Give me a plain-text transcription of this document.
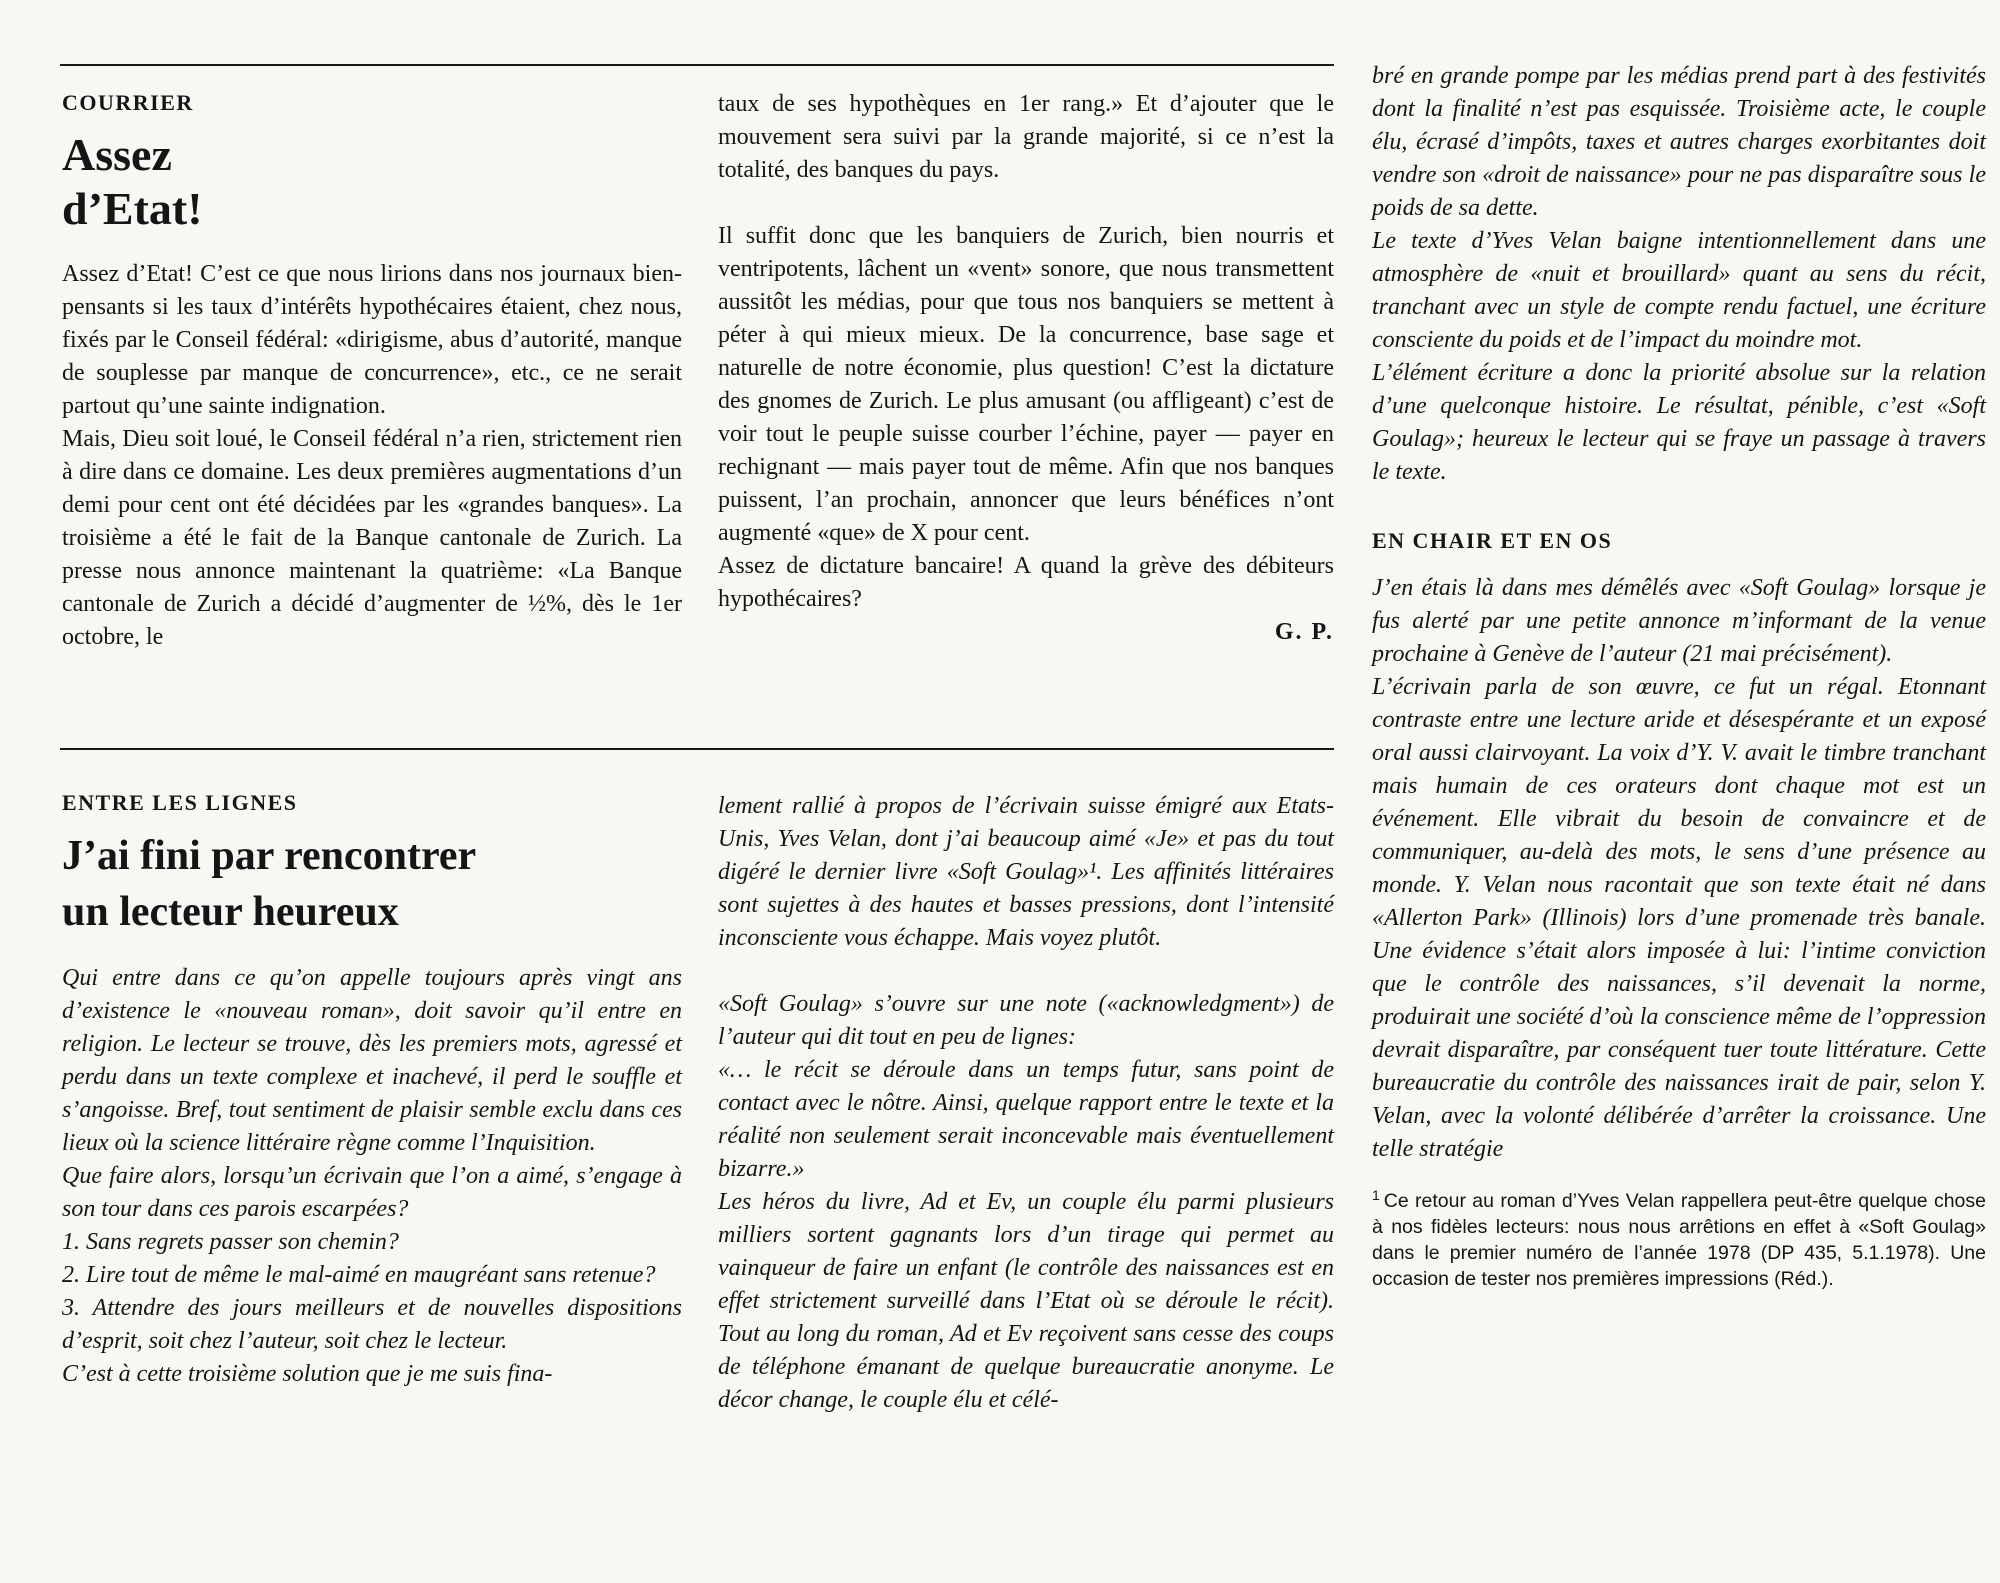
COURRIER
Assez
d’Etat!

Assez d’Etat! C’est ce que nous lirions dans nos journaux bien-pensants si les taux d’intérêts hypothécaires étaient, chez nous, fixés par le Conseil fédéral: «dirigisme, abus d’autorité, manque de souplesse par manque de concurrence», etc., ce ne serait partout qu’une sainte indignation.

Mais, Dieu soit loué, le Conseil fédéral n’a rien, strictement rien à dire dans ce domaine. Les deux premières augmentations d’un demi pour cent ont été décidées par les «grandes banques». La troisième a été le fait de la Banque cantonale de Zurich. La presse nous annonce maintenant la quatrième: «La Banque cantonale de Zurich a décidé d’augmenter de ½%, dès le 1er octobre, le

taux de ses hypothèques en 1er rang.» Et d’ajouter que le mouvement sera suivi par la grande majorité, si ce n’est la totalité, des banques du pays.

Il suffit donc que les banquiers de Zurich, bien nourris et ventripotents, lâchent un «vent» sonore, que nous transmettent aussitôt les médias, pour que tous nos banquiers se mettent à péter à qui mieux mieux. De la concurrence, base sage et naturelle de notre économie, plus question! C’est la dictature des gnomes de Zurich. Le plus amusant (ou affligeant) c’est de voir tout le peuple suisse courber l’échine, payer — payer en rechignant — mais payer tout de même. Afin que nos banques puissent, l’an prochain, annoncer que leurs bénéfices n’ont augmenté «que» de X pour cent.

Assez de dictature bancaire! A quand la grève des débiteurs hypothécaires?

G. P.
ENTRE LES LIGNES
J’ai fini par rencontrer
un lecteur heureux

Qui entre dans ce qu’on appelle toujours après vingt ans d’existence le «nouveau roman», doit savoir qu’il entre en religion. Le lecteur se trouve, dès les premiers mots, agressé et perdu dans un texte complexe et inachevé, il perd le souffle et s’angoisse. Bref, tout sentiment de plaisir semble exclu dans ces lieux où la science littéraire règne comme l’Inquisition.

Que faire alors, lorsqu’un écrivain que l’on a aimé, s’engage à son tour dans ces parois escarpées?

1. Sans regrets passer son chemin?

2. Lire tout de même le mal-aimé en maugréant sans retenue?

3. Attendre des jours meilleurs et de nouvelles dispositions d’esprit, soit chez l’auteur, soit chez le lecteur.

C’est à cette troisième solution que je me suis fina-

lement rallié à propos de l’écrivain suisse émigré aux Etats-Unis, Yves Velan, dont j’ai beaucoup aimé «Je» et pas du tout digéré le dernier livre «Soft Goulag»¹. Les affinités littéraires sont sujettes à des hautes et basses pressions, dont l’intensité inconsciente vous échappe. Mais voyez plutôt.

«Soft Goulag» s’ouvre sur une note («acknowledgment») de l’auteur qui dit tout en peu de lignes:

«… le récit se déroule dans un temps futur, sans point de contact avec le nôtre. Ainsi, quelque rapport entre le texte et la réalité non seulement serait inconcevable mais éventuellement bizarre.»

Les héros du livre, Ad et Ev, un couple élu parmi plusieurs milliers sortent gagnants lors d’un tirage qui permet au vainqueur de faire un enfant (le contrôle des naissances est en effet strictement surveillé dans l’Etat où se déroule le récit). Tout au long du roman, Ad et Ev reçoivent sans cesse des coups de téléphone émanant de quelque bureaucratie anonyme. Le décor change, le couple élu et célé-

bré en grande pompe par les médias prend part à des festivités dont la finalité n’est pas esquissée. Troisième acte, le couple élu, écrasé d’impôts, taxes et autres charges exorbitantes doit vendre son «droit de naissance» pour ne pas disparaître sous le poids de sa dette.

Le texte d’Yves Velan baigne intentionnellement dans une atmosphère de «nuit et brouillard» quant au sens du récit, tranchant avec un style de compte rendu factuel, une écriture consciente du poids et de l’impact du moindre mot.

L’élément écriture a donc la priorité absolue sur la relation d’une quelconque histoire. Le résultat, pénible, c’est «Soft Goulag»; heureux le lecteur qui se fraye un passage à travers le texte.

EN CHAIR ET EN OS

J’en étais là dans mes démêlés avec «Soft Goulag» lorsque je fus alerté par une petite annonce m’informant de la venue prochaine à Genève de l’auteur (21 mai précisément).

L’écrivain parla de son œuvre, ce fut un régal. Etonnant contraste entre une lecture aride et désespérante et un exposé oral aussi clairvoyant. La voix d’Y. V. avait le timbre tranchant mais humain de ces orateurs dont chaque mot est un événement. Elle vibrait du besoin de convaincre et de communiquer, au-delà des mots, le sens d’une présence au monde. Y. Velan nous racontait que son texte était né dans «Allerton Park» (Illinois) lors d’une promenade très banale. Une évidence s’était alors imposée à lui: l’intime conviction que le contrôle des naissances, s’il devenait la norme, produirait une société d’où la conscience même de l’oppression devrait disparaître, par conséquent tuer toute littérature. Cette bureaucratie du contrôle des naissances irait de pair, selon Y. Velan, avec la volonté délibérée d’arrêter la croissance. Une telle stratégie

$^1$ Ce retour au roman d’Yves Velan rappellera peut-être quelque chose à nos fidèles lecteurs: nous nous arrêtions en effet à «Soft Goulag» dans le premier numéro de l’année 1978 (DP 435, 5.1.1978). Une occasion de tester nos premières impressions (Réd.).
